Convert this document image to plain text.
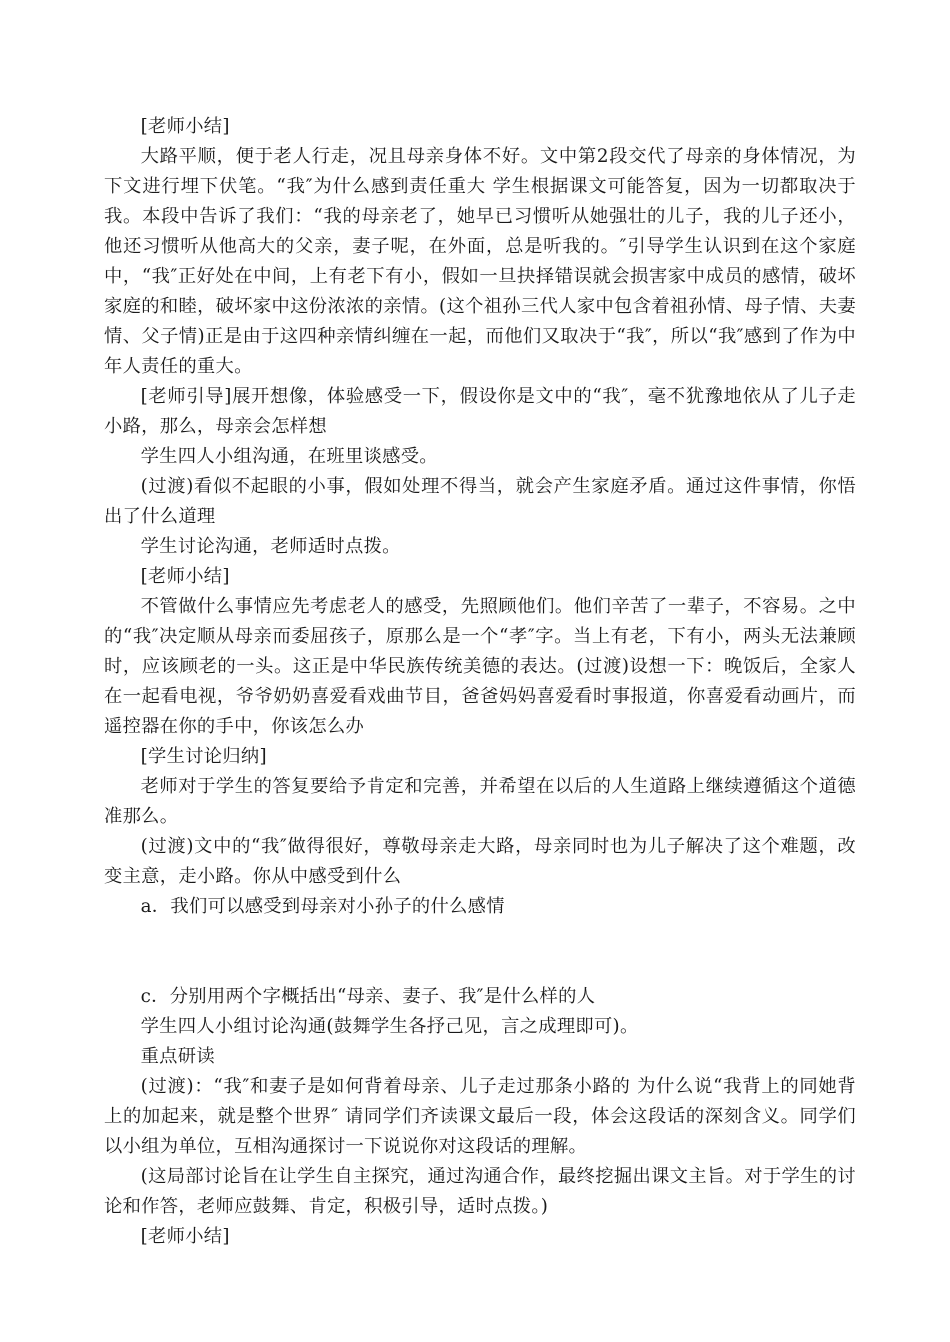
[老师小结]

大路平顺，便于老人行走，况且母亲身体不好。文中第2段交代了母亲的身体情况，为下文进行埋下伏笔。“我″为什么感到责任重大 学生根据课文可能答复，因为一切都取决于我。本段中告诉了我们：“我的母亲老了，她早已习惯听从她强壮的儿子，我的儿子还小，他还习惯听从他高大的父亲，妻子呢，在外面，总是听我的。″引导学生认识到在这个家庭中，“我″正好处在中间，上有老下有小，假如一旦抉择错误就会损害家中成员的感情，破坏家庭的和睦，破坏家中这份浓浓的亲情。(这个祖孙三代人家中包含着祖孙情、母子情、夫妻情、父子情)正是由于这四种亲情纠缠在一起，而他们又取决于“我″，所以“我″感到了作为中年人责任的重大。

[老师引导]展开想像，体验感受一下，假设你是文中的“我″，毫不犹豫地依从了儿子走小路，那么，母亲会怎样想

学生四人小组沟通，在班里谈感受。

(过渡)看似不起眼的小事，假如处理不得当，就会产生家庭矛盾。通过这件事情，你悟出了什么道理

学生讨论沟通，老师适时点拨。

[老师小结]

不管做什么事情应先考虑老人的感受，先照顾他们。他们辛苦了一辈子，不容易。之中的“我″决定顺从母亲而委屈孩子，原那么是一个“孝″字。当上有老，下有小，两头无法兼顾时，应该顾老的一头。这正是中华民族传统美德的表达。(过渡)设想一下：晚饭后，全家人在一起看电视，爷爷奶奶喜爱看戏曲节目，爸爸妈妈喜爱看时事报道，你喜爱看动画片，而遥控器在你的手中，你该怎么办

[学生讨论归纳]

老师对于学生的答复要给予肯定和完善，并希望在以后的人生道路上继续遵循这个道德准那么。

(过渡)文中的“我″做得很好，尊敬母亲走大路，母亲同时也为儿子解决了这个难题，改变主意，走小路。你从中感受到什么

a．我们可以感受到母亲对小孙子的什么感情

c．分别用两个字概括出“母亲、妻子、我″是什么样的人

学生四人小组讨论沟通(鼓舞学生各抒己见，言之成理即可)。

重点研读

(过渡)：“我″和妻子是如何背着母亲、儿子走过那条小路的 为什么说“我背上的同她背上的加起来，就是整个世界″ 请同学们齐读课文最后一段，体会这段话的深刻含义。同学们以小组为单位，互相沟通探讨一下说说你对这段话的理解。

(这局部讨论旨在让学生自主探究，通过沟通合作，最终挖掘出课文主旨。对于学生的讨论和作答，老师应鼓舞、肯定，积极引导，适时点拨。)

[老师小结]
